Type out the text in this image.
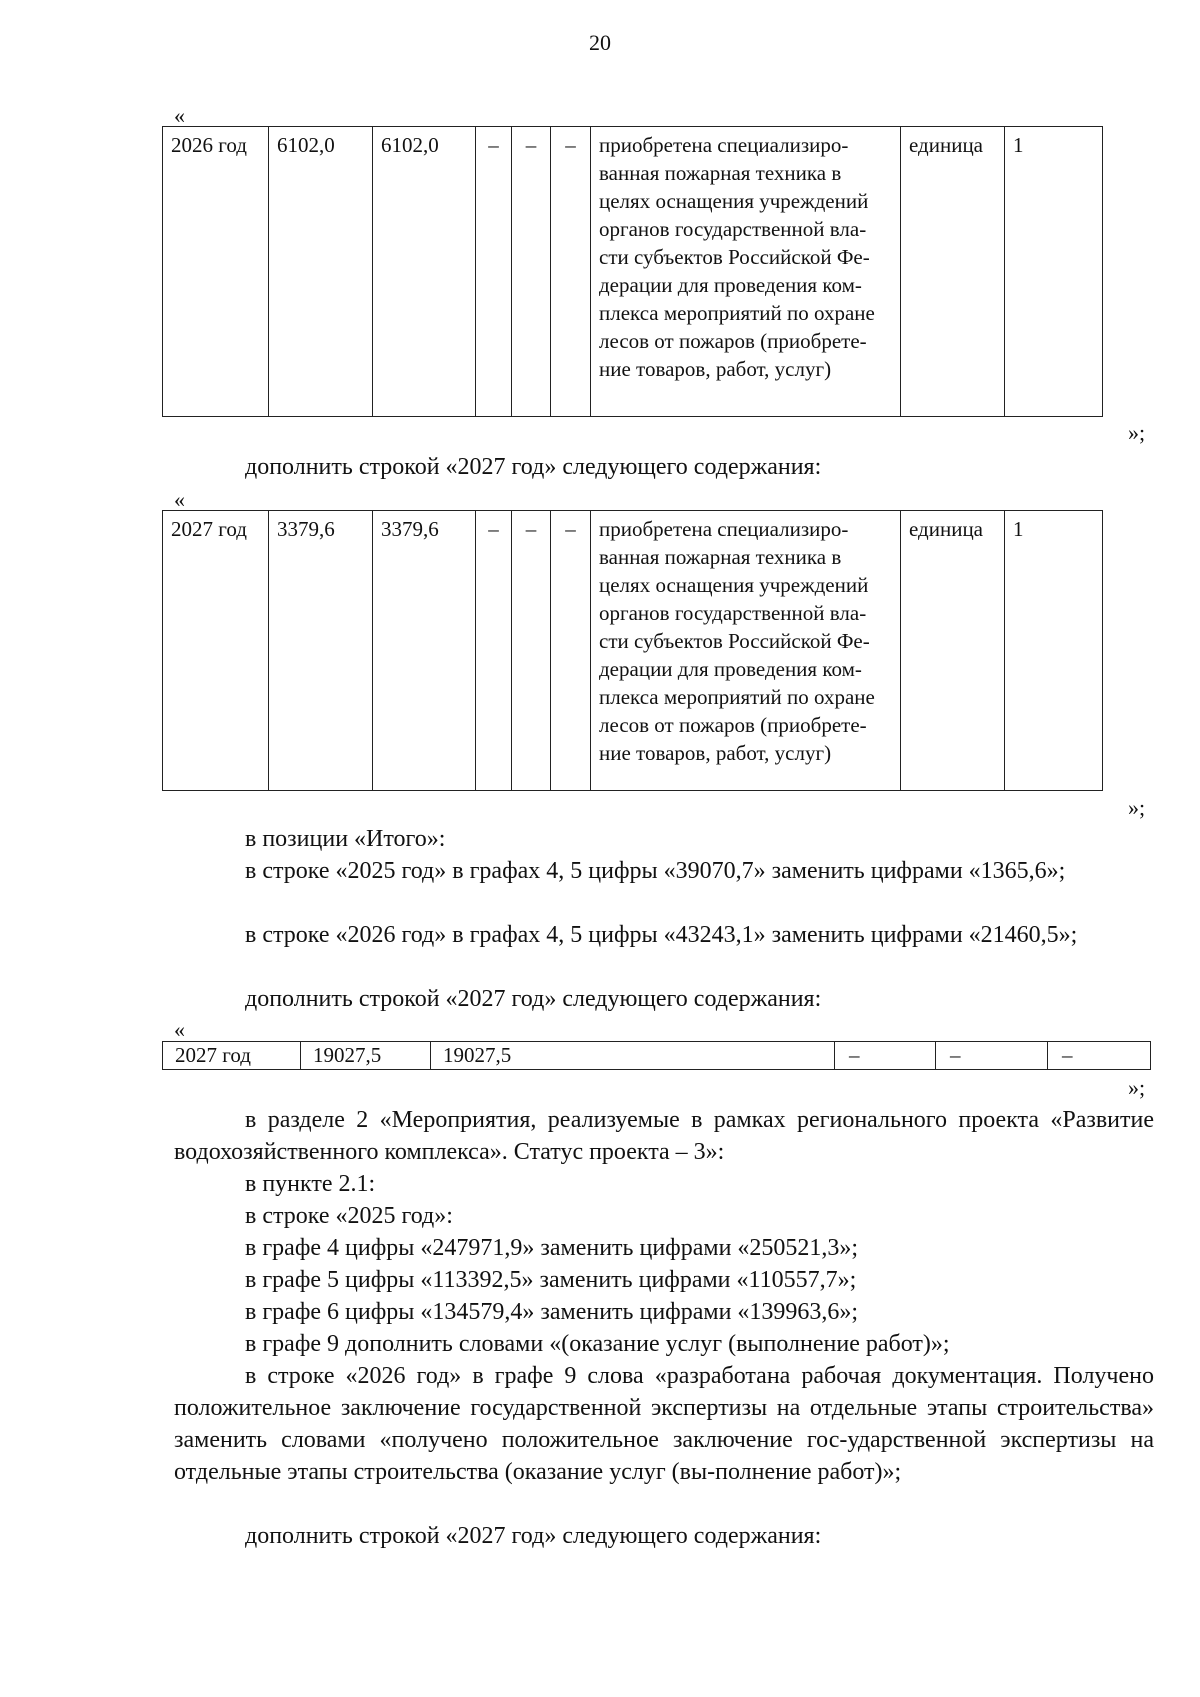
20
«
2026 год	6102,0	6102,0	–	–	–	приобретена специализиро-ванная пожарная техника в целях оснащения учреждений органов государственной вла-сти субъектов Российской Фе-дерации для проведения ком-плекса мероприятий по охране лесов от пожаров (приобрете-ние товаров, работ, услуг)	единица	1
»;

дополнить строкой «2027 год» следующего содержания:

«
2027 год	3379,6	3379,6	–	–	–	приобретена специализиро-ванная пожарная техника в целях оснащения учреждений органов государственной вла-сти субъектов Российской Фе-дерации для проведения ком-плекса мероприятий по охране лесов от пожаров (приобрете-ние товаров, работ, услуг)	единица	1
»;

в позиции «Итого»:

в строке «2025 год» в графах 4, 5 цифры «39070,7» заменить цифрами «1365,6»;

в строке «2026 год» в графах 4, 5 цифры «43243,1» заменить цифрами «21460,5»;

дополнить строкой «2027 год» следующего содержания:

«
2027 год	19027,5	19027,5	–	–	–
»;

в разделе 2 «Мероприятия, реализуемые в рамках регионального проекта «Развитие водохозяйственного комплекса». Статус проекта – 3»:

в пункте 2.1:

в строке «2025 год»:

в графе 4 цифры «247971,9» заменить цифрами «250521,3»;

в графе 5 цифры «113392,5» заменить цифрами «110557,7»;

в графе 6 цифры «134579,4» заменить цифрами «139963,6»;

в графе 9 дополнить словами «(оказание услуг (выполнение работ)»;

в строке «2026 год» в графе 9 слова «разработана рабочая документация. Получено положительное заключение государственной экспертизы на отдельные этапы строительства» заменить словами «получено положительное заключение гос-ударственной экспертизы на отдельные этапы строительства (оказание услуг (вы-полнение работ)»;

дополнить строкой «2027 год» следующего содержания:
